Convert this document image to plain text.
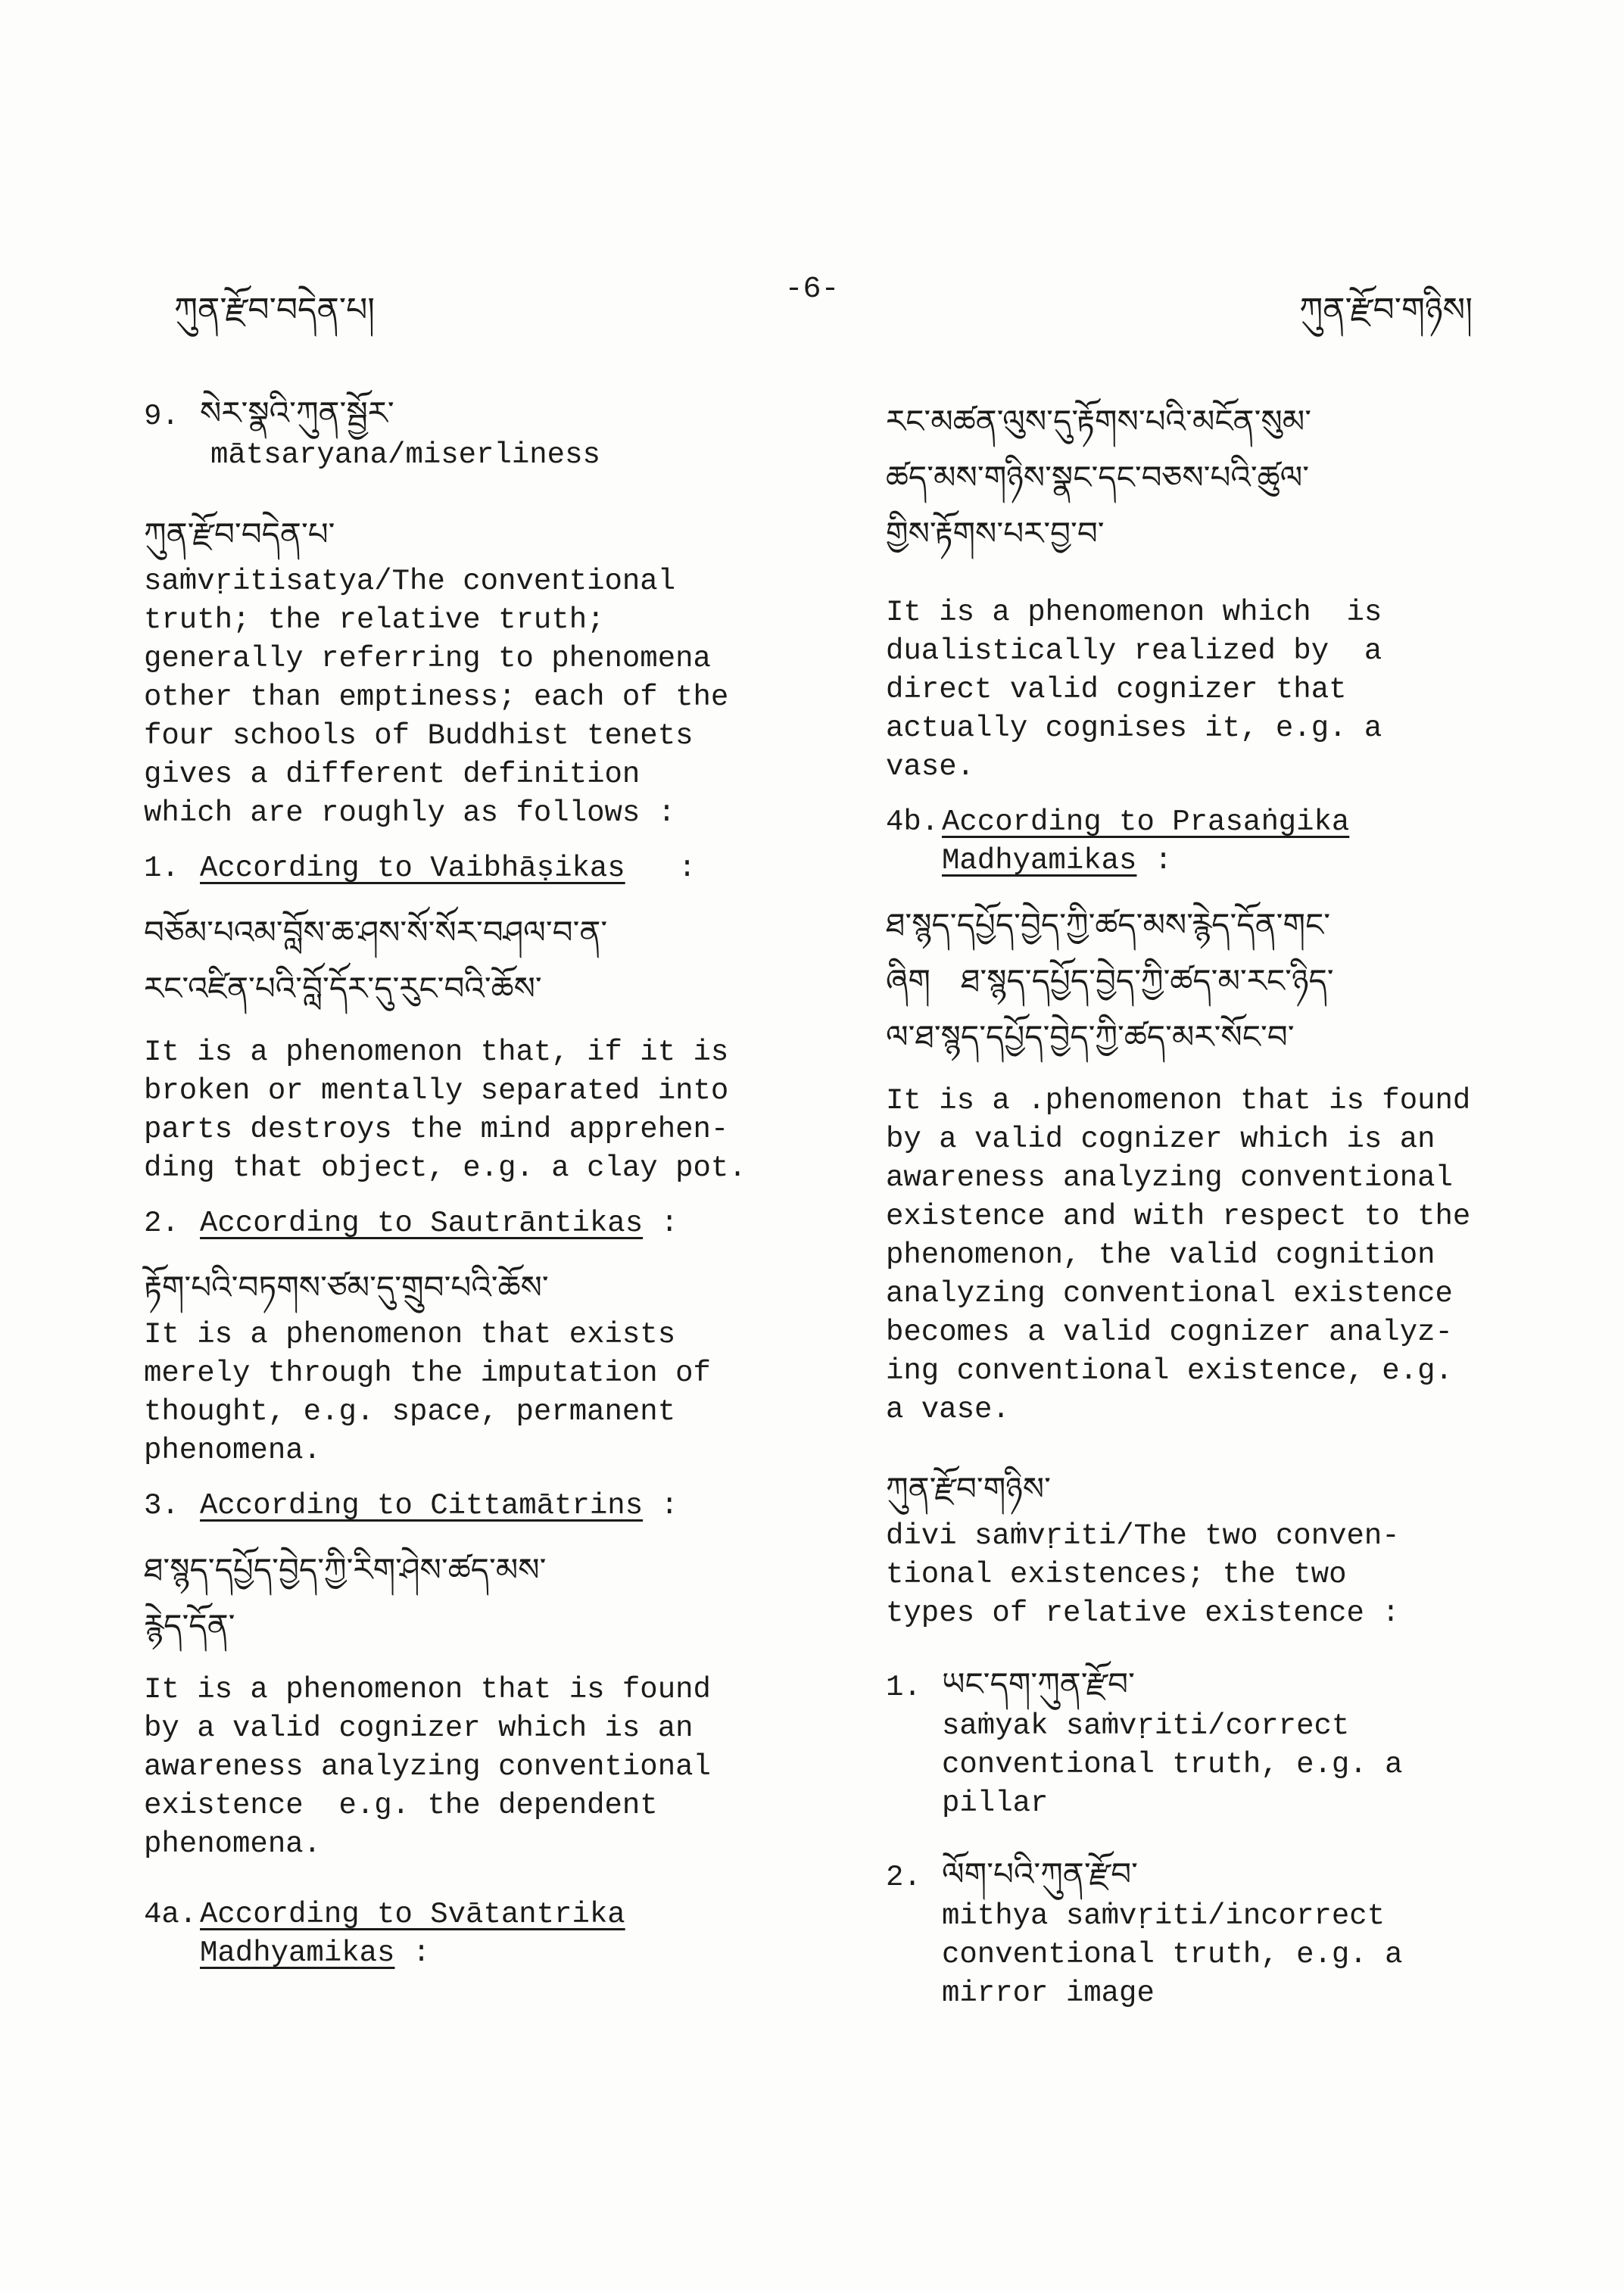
ཀུན་རྫོབ་བདེན་པ།
-6-
ཀུན་རྫོབ་གཉིས།
9. སེར་སྣའི་ཀུན་སྦྱོར་
mātsaryana/miserliness
ཀུན་རྫོབ་བདེན་པ་
saṁvṛitisatya/The conventional
truth; the relative truth;
generally referring to phenomena
other than emptiness; each of the
four schools of Buddhist tenets
gives a different definition
which are roughly as follows :
1. According to Vaibhāṣikas   :
བཅོམ་པའམ་བློས་ཆ་ཤས་སོ་སོར་བཤལ་བ་ན་
རང་འཛིན་པའི་བློ་དོར་དུ་རུང་བའི་ཆོས་
It is a phenomenon that, if it is
broken or mentally separated into
parts destroys the mind apprehen-
ding that object, e.g. a clay pot.
2. According to Sautrāntikas :
རྟོག་པའི་བཏགས་ཙམ་དུ་གྲུབ་པའི་ཆོས་
It is a phenomenon that exists
merely through the imputation of
thought, e.g. space, permanent
phenomena.
3. According to Cittamātrins :
ཐ་སྙད་དཔྱོད་བྱེད་ཀྱི་རིག་ཤེས་ཚད་མས་
རྙེད་དོན་
It is a phenomenon that is found
by a valid cognizer which is an
awareness analyzing conventional
existence  e.g. the dependent
phenomena.
4a.According to Svātantrika
Madhyamikas :
རང་མཚན་ལུས་དུ་རྟོགས་པའི་མངོན་སུམ་
ཚད་མས་གཉིས་སྣང་དང་བཅས་པའི་ཚུལ་
གྱིས་རྟོགས་པར་བྱ་བ་
It is a phenomenon which  is
dualistically realized by  a
direct valid cognizer that
actually cognises it, e.g. a
vase.
4b.According to Prasaṅgika
Madhyamikas :
ཐ་སྙད་དཔྱོད་བྱེད་ཀྱི་ཚད་མས་རྙེད་དོན་གང་
ཞིག   ཐ་སྙད་དཔྱོད་བྱེད་ཀྱི་ཚད་མ་རང་ཉིད་
ལ་ཐ་སྙད་དཔྱོད་བྱེད་ཀྱི་ཚད་མར་སོང་བ་
It is a .phenomenon that is found
by a valid cognizer which is an
awareness analyzing conventional
existence and with respect to the
phenomenon, the valid cognition
analyzing conventional existence
becomes a valid cognizer analyz-
ing conventional existence, e.g.
a vase.
ཀུན་རྫོབ་གཉིས་
divi saṁvṛiti/The two conven-
tional existences; the two
types of relative existence :
1. ཡང་དག་ཀུན་རྫོབ་
saṁyak saṁvṛiti/correct
conventional truth, e.g. a
pillar
2. ལོག་པའི་ཀུན་རྫོབ་
mithya saṁvṛiti/incorrect
conventional truth, e.g. a
mirror image
